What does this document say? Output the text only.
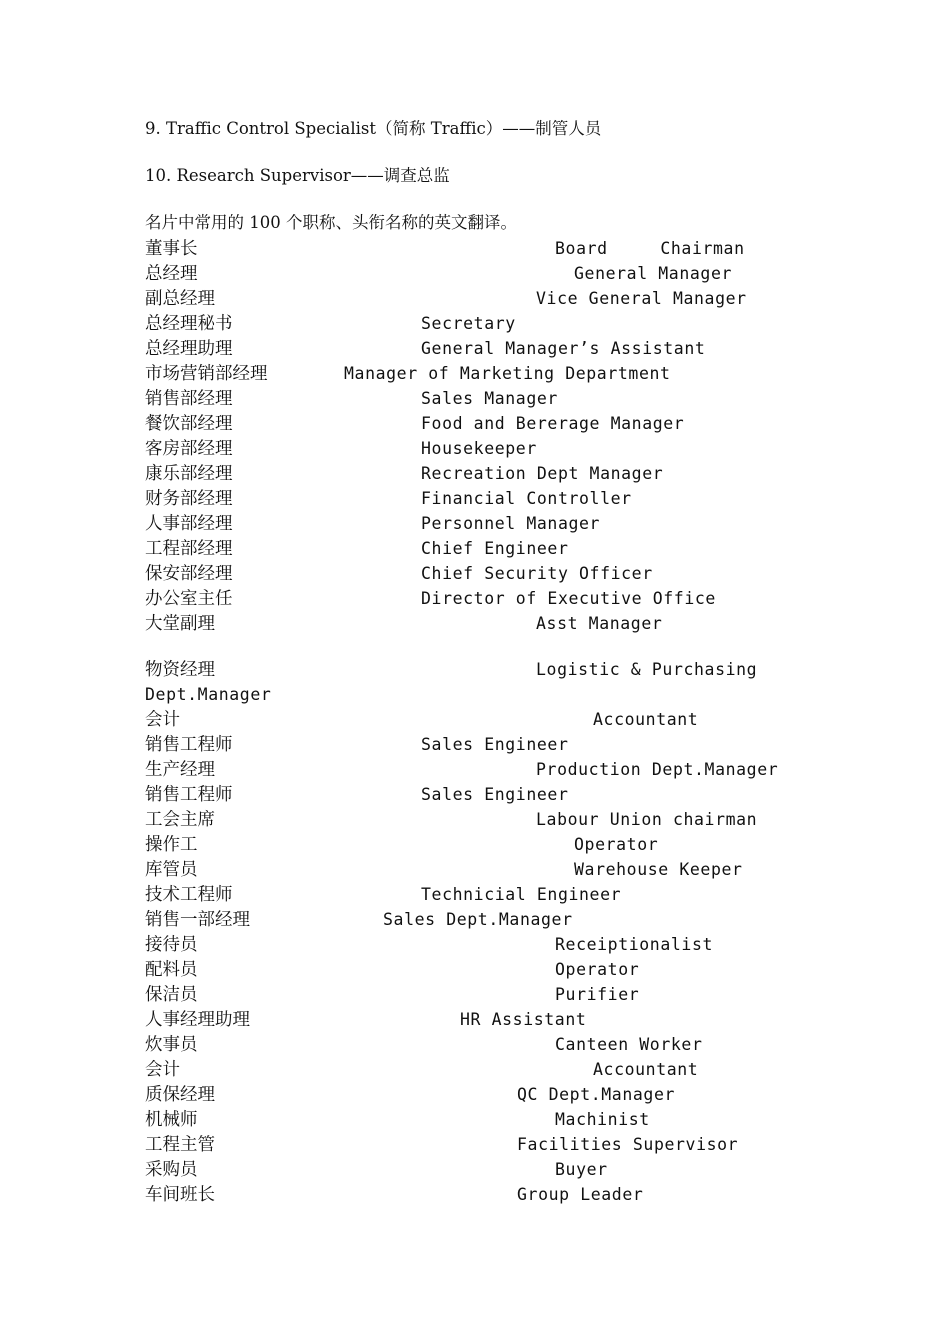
9. Traffic Control Specialist（简称 Traffic）——制管人员
10. Research Supervisor——调查总监
名片中常用的 100 个职称、头衔名称的英文翻译。
董事长	Board     Chairman
总经理	General Manager
副总经理	Vice General Manager
总经理秘书	Secretary
总经理助理	General Manager’s Assistant
市场营销部经理	Manager of Marketing Department
销售部经理	Sales Manager
餐饮部经理	Food and Bererage Manager
客房部经理	Housekeeper
康乐部经理	Recreation Dept Manager
财务部经理	Financial Controller
人事部经理	Personnel Manager
工程部经理	Chief Engineer
保安部经理	Chief Security Officer
办公室主任	Director of Executive Office
大堂副理	Asst Manager
物资经理	Logistic & Purchasing
Dept.Manager
会计	Accountant
销售工程师	Sales Engineer
生产经理	Production Dept.Manager
销售工程师	Sales Engineer
工会主席	Labour Union chairman
操作工	Operator
库管员	Warehouse Keeper
技术工程师	Technicial Engineer
销售一部经理	Sales Dept.Manager
接待员	Receiptionalist
配料员	Operator
保洁员	Purifier
人事经理助理	HR Assistant
炊事员	Canteen Worker
会计	Accountant
质保经理	QC Dept.Manager
机械师	Machinist
工程主管	Facilities Supervisor
采购员	Buyer
车间班长	Group Leader
